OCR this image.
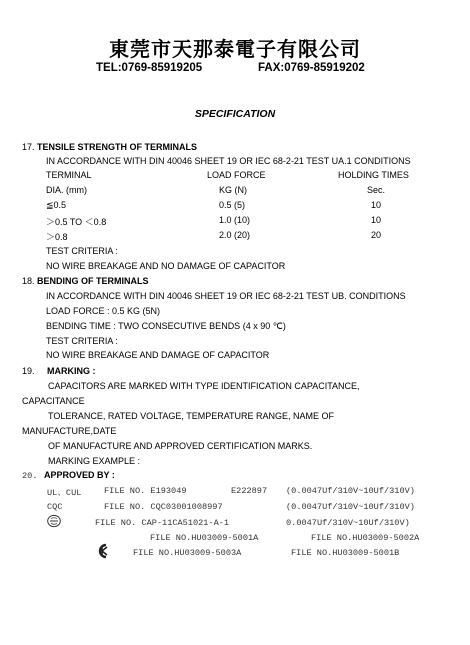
東莞市天那泰電子有限公司
TEL:0769-85919205	FAX:0769-85919202
SPECIFICATION
17. TENSILE STRENGTH OF TERMINALS
IN ACCORDANCE WITH DIN 40046 SHEET 19 OR IEC 68-2-21 TEST UA.1 CONDITIONS
TERMINAL	LOAD FORCE	HOLDING TIMES
DIA. (mm)	KG (N)	Sec.
≦0.5	0.5 (5)	10
＞0.5 TO ＜0.8	1.0 (10)	10
＞0.8	2.0 (20)	20
TEST CRITERIA :
NO WIRE BREAKAGE AND NO DAMAGE OF CAPACITOR
18. BENDING OF TERMINALS
IN ACCORDANCE WITH DIN 40046 SHEET 19 OR IEC 68-2-21 TEST UB. CONDITIONS
LOAD FORCE : 0.5 KG (5N)
BENDING TIME : TWO CONSECUTIVE BENDS (4 x 90 ℃)
TEST CRITERIA :
NO WIRE BREAKAGE AND DAMAGE OF CAPACITOR
19. MARKING :
CAPACITORS ARE MARKED WITH TYPE IDENTIFICATION CAPACITANCE,
CAPACITANCE
TOLERANCE, RATED VOLTAGE, TEMPERATURE RANGE, NAME OF
MANUFACTURE,DATE
OF MANUFACTURE AND APPROVED CERTIFICATION MARKS.
MARKING EXAMPLE :
20. APPROVED BY :
UL、CUL	FILE NO. E193049	E222897 (0.0047Uf/310V~10Uf/310V)
CQC	FILE NO. CQC03001008997	(0.0047Uf/310V~10Uf/310V)
FILE NO. CAP-11CA51021-A-1	0.0047Uf/310V~10Uf/310V)
FILE NO.HU03009-5001A	FILE NO.HU03009-5002A
FILE NO.HU03009-5003A	FILE NO.HU03009-5001B
